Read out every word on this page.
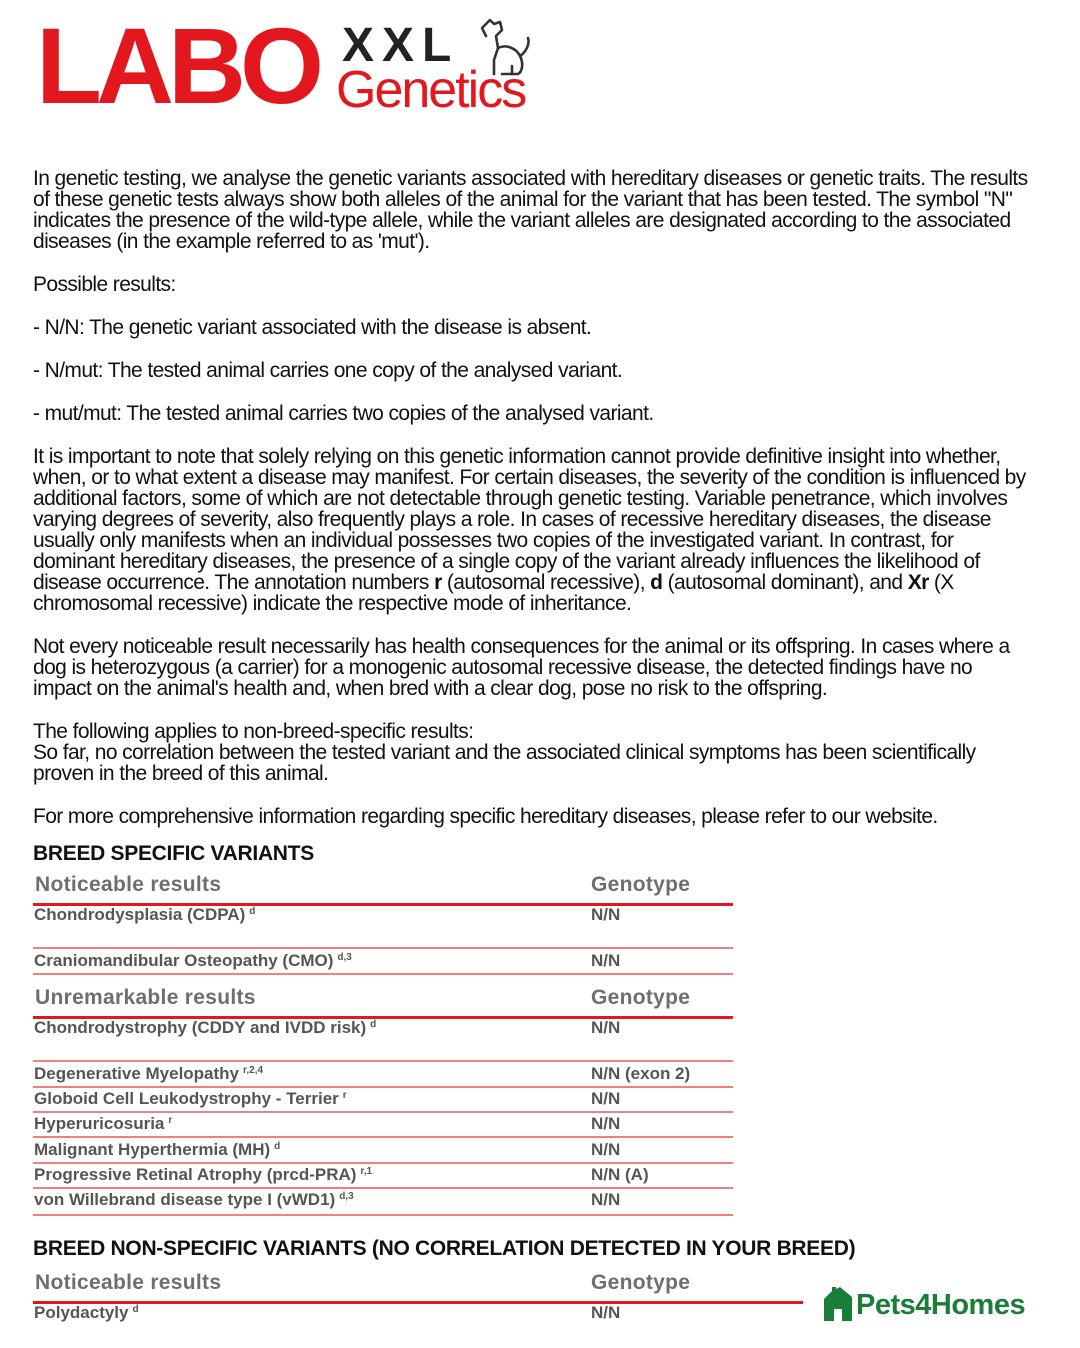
LABO XXL
Genetics

In genetic testing, we analyse the genetic variants associated with hereditary diseases or genetic traits. The results of these genetic tests always show both alleles of the animal for the variant that has been tested. The symbol "N" indicates the presence of the wild-type allele, while the variant alleles are designated according to the associated diseases (in the example referred to as 'mut').

Possible results:

- N/N: The genetic variant associated with the disease is absent.

- N/mut: The tested animal carries one copy of the analysed variant.

- mut/mut: The tested animal carries two copies of the analysed variant.

It is important to note that solely relying on this genetic information cannot provide definitive insight into whether, when, or to what extent a disease may manifest. For certain diseases, the severity of the condition is influenced by additional factors, some of which are not detectable through genetic testing. Variable penetrance, which involves varying degrees of severity, also frequently plays a role. In cases of recessive hereditary diseases, the disease usually only manifests when an individual possesses two copies of the investigated variant. In contrast, for dominant hereditary diseases, the presence of a single copy of the variant already influences the likelihood of disease occurrence. The annotation numbers r (autosomal recessive), d (autosomal dominant), and Xr (X chromosomal recessive) indicate the respective mode of inheritance.

Not every noticeable result necessarily has health consequences for the animal or its offspring. In cases where a dog is heterozygous (a carrier) for a monogenic autosomal recessive disease, the detected findings have no impact on the animal's health and, when bred with a clear dog, pose no risk to the offspring.

The following applies to non-breed-specific results:
So far, no correlation between the tested variant and the associated clinical symptoms has been scientifically proven in the breed of this animal.

For more comprehensive information regarding specific hereditary diseases, please refer to our website.

BREED SPECIFIC VARIANTS
Noticeable results	Genotype
Chondrodysplasia (CDPA) $^d$	N/N
Craniomandibular Osteopathy (CMO) $^{d,3}$	N/N
Unremarkable results	Genotype
Chondrodystrophy (CDDY and IVDD risk) $^d$	N/N
Degenerative Myelopathy $^{r,2,4}$	N/N (exon 2)
Globoid Cell Leukodystrophy - Terrier $^r$	N/N
Hyperuricosuria $^r$	N/N
Malignant Hyperthermia (MH) $^d$	N/N
Progressive Retinal Atrophy (prcd-PRA) $^{r,1}$	N/N (A)
von Willebrand disease type I (vWD1) $^{d,3}$	N/N
BREED NON-SPECIFIC VARIANTS (NO CORRELATION DETECTED IN YOUR BREED)
Noticeable results	Genotype
Polydactyly $^d$	N/N	Pets4Homes
